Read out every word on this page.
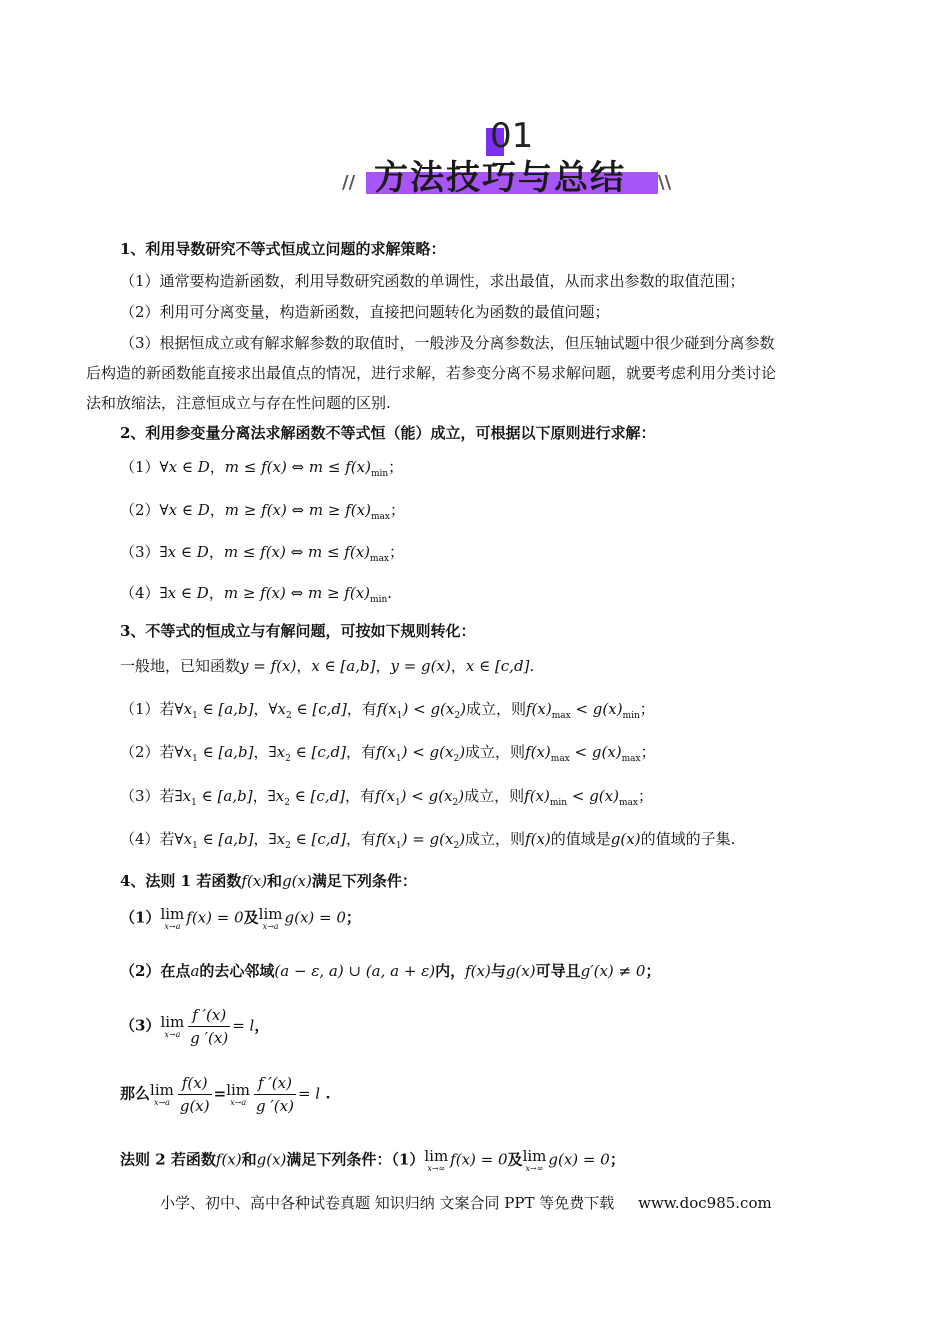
01
// 方法技巧与总结 \\
1、利用导数研究不等式恒成立问题的求解策略：
（1）通常要构造新函数，利用导数研究函数的单调性，求出最值，从而求出参数的取值范围；
（2）利用可分离变量，构造新函数，直接把问题转化为函数的最值问题；
（3）根据恒成立或有解求解参数的取值时，一般涉及分离参数法，但压轴试题中很少碰到分离参数
后构造的新函数能直接求出最值点的情况，进行求解，若参变分离不易求解问题，就要考虑利用分类讨论
法和放缩法，注意恒成立与存在性问题的区别.
2、利用参变量分离法求解函数不等式恒（能）成立，可根据以下原则进行求解：
（1）∀x ∈ D，m ≤ f(x) ⇔ $m \le f(x)_{min}$；
（2）∀x ∈ D，m ≥ f(x) ⇔ $m \ge f(x)_{max}$；
（3）∃x ∈ D，m ≤ f(x) ⇔ $m \le f(x)_{max}$；
（4）∃x ∈ D，m ≥ f(x) ⇔ $m \ge f(x)_{min}$.
3、不等式的恒成立与有解问题，可按如下规则转化：
一般地，已知函数y = f(x)，x ∈ [a,b]，y = g(x)，x ∈ [c,d].
（1）若$\forall x_1$ ∈ [a,b]，$\forall x_2$ ∈ [c,d]，有$f(x_1) < g(x_2)$成立，则$f(x)_{max} < g(x)_{min}$；
（2）若$\forall x_1$ ∈ [a,b]，$\exists x_2$ ∈ [c,d]，有$f(x_1) < g(x_2)$成立，则$f(x)_{max} < g(x)_{max}$；
（3）若$\exists x_1$ ∈ [a,b]，$\exists x_2$ ∈ [c,d]，有$f(x_1) < g(x_2)$成立，则$f(x)_{min} < g(x)_{max}$；
（4）若$\forall x_1$ ∈ [a,b]，$\exists x_2$ ∈ [c,d]，有$f(x_1) = g(x_2)$成立，则f(x)的值域是g(x)的值域的子集.
4、法则 1 若函数f(x)和g(x)满足下列条件：
（1） lim
x→a f(x) = 0及 lim
x→a g(x) = 0；
（2）在点a的去心邻域(a − ε, a) ∪ (a, a + ε)内，f(x)与g(x)可导且g′(x) ≠ 0；
（3） lim
$x\to a \frac{f '(x)}{g '(x)} = l$，
那么 lim
$x\to a \frac{f(x)}{g(x)} = \lim$
$x\to a \frac{f '(x)}{g '(x)} = l$ .
法则 2 若函数f(x)和g(x)满足下列条件：（1） lim
x→∞ f(x) = 0及 lim
x→∞ g(x) = 0；
小学、初中、高中各种试卷真题 知识归纳 文案合同 PPT 等免费下载 www.doc985.com
